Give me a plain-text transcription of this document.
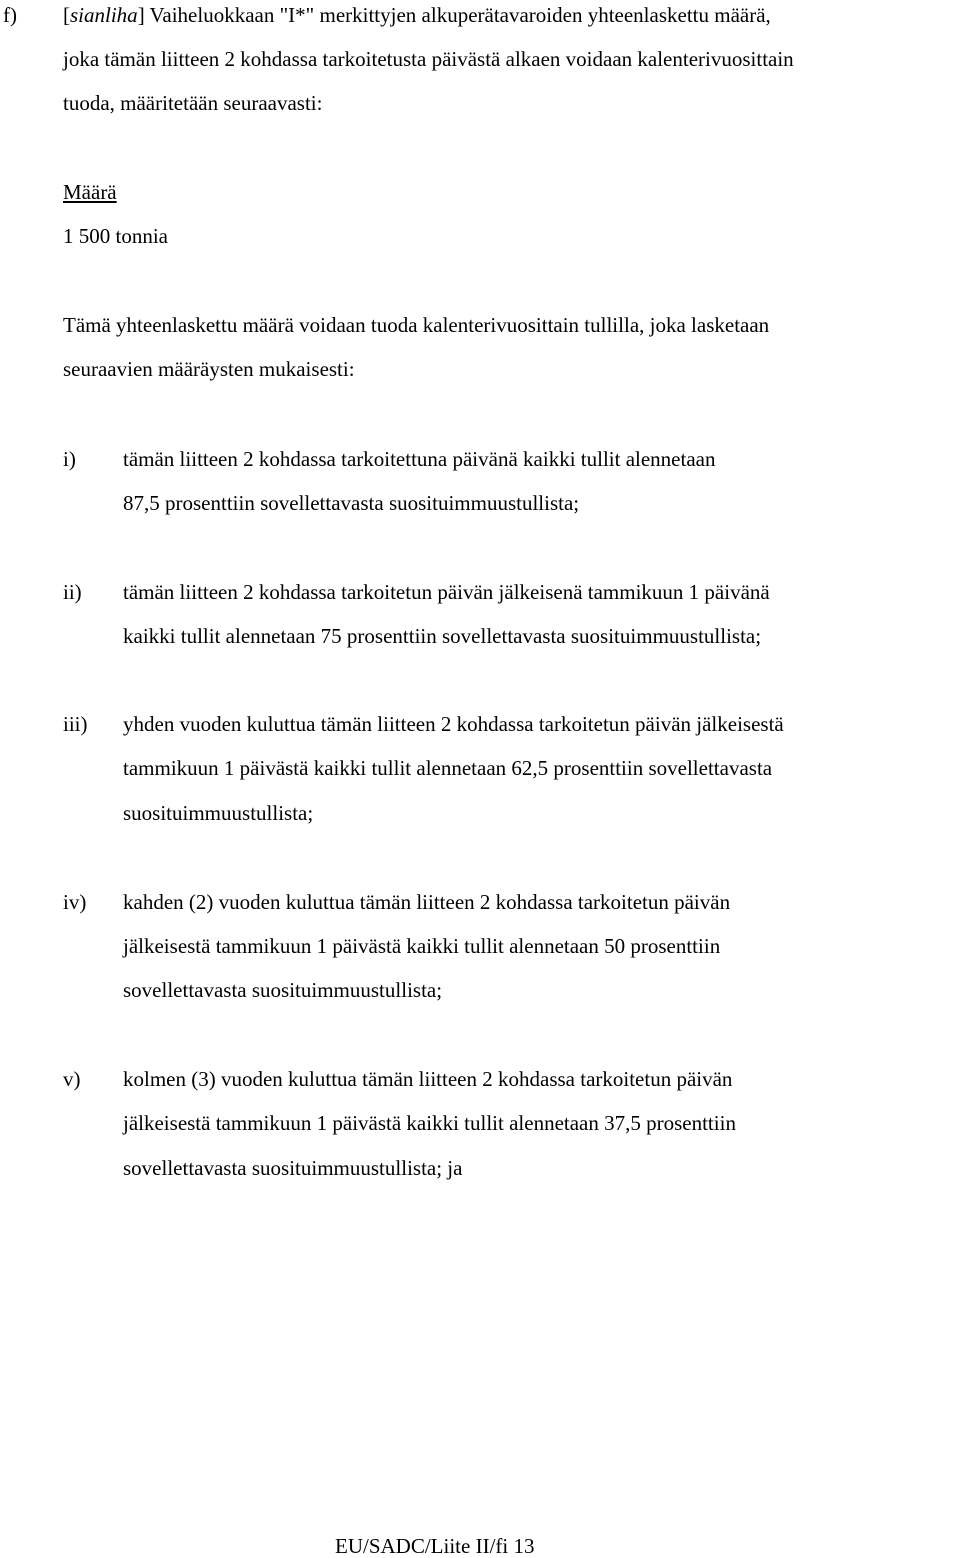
f) [sianliha] Vaiheluokkaan "I*" merkittyjen alkuperätavaroiden yhteenlaskettu määrä,
joka tämän liitteen 2 kohdassa tarkoitetusta päivästä alkaen voidaan kalenterivuosittain
tuoda, määritetään seuraavasti:
Määrä
1 500 tonnia
Tämä yhteenlaskettu määrä voidaan tuoda kalenterivuosittain tullilla, joka lasketaan
seuraavien määräysten mukaisesti:
i) tämän liitteen 2 kohdassa tarkoitettuna päivänä kaikki tullit alennetaan
87,5 prosenttiin sovellettavasta suosituimmuustullista;
ii) tämän liitteen 2 kohdassa tarkoitetun päivän jälkeisenä tammikuun 1 päivänä
kaikki tullit alennetaan 75 prosenttiin sovellettavasta suosituimmuustullista;
iii) yhden vuoden kuluttua tämän liitteen 2 kohdassa tarkoitetun päivän jälkeisestä
tammikuun 1 päivästä kaikki tullit alennetaan 62,5 prosenttiin sovellettavasta
suosituimmuustullista;
iv) kahden (2) vuoden kuluttua tämän liitteen 2 kohdassa tarkoitetun päivän
jälkeisestä tammikuun 1 päivästä kaikki tullit alennetaan 50 prosenttiin
sovellettavasta suosituimmuustullista;
v) kolmen (3) vuoden kuluttua tämän liitteen 2 kohdassa tarkoitetun päivän
jälkeisestä tammikuun 1 päivästä kaikki tullit alennetaan 37,5 prosenttiin
sovellettavasta suosituimmuustullista; ja
EU/SADC/Liite II/fi 13
